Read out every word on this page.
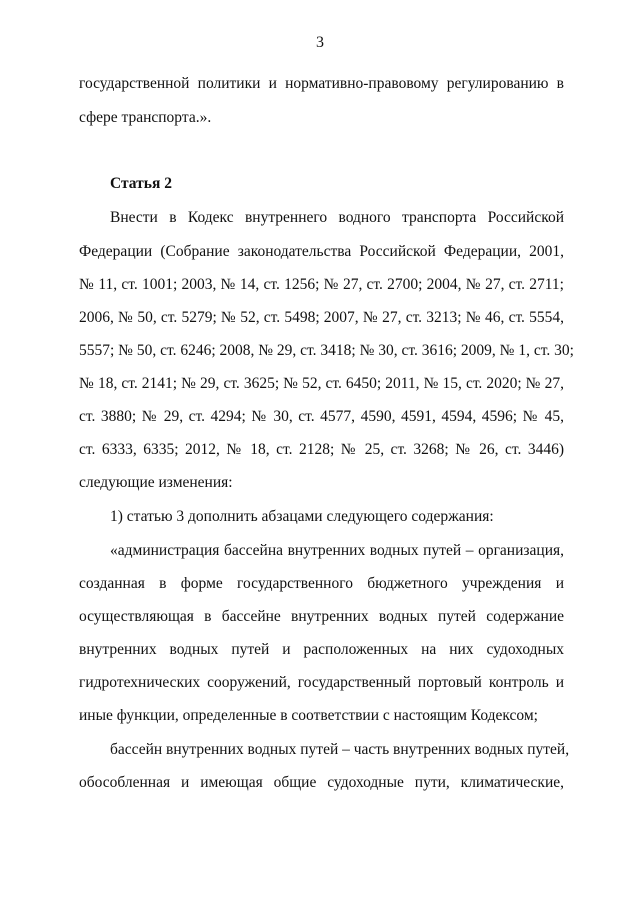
3
государственной политики и нормативно-правовому регулированию в
сфере транспорта.».
Статья 2
Внести в Кодекс внутреннего водного транспорта Российской
Федерации (Собрание законодательства Российской Федерации, 2001,
№ 11, ст. 1001; 2003, № 14, ст. 1256; № 27, ст. 2700; 2004, № 27, ст. 2711;
2006, № 50, ст. 5279; № 52, ст. 5498; 2007, № 27, ст. 3213; № 46, ст. 5554,
5557; № 50, ст. 6246; 2008, № 29, ст. 3418; № 30, ст. 3616; 2009, № 1, ст. 30;
№ 18, ст. 2141; № 29, ст. 3625; № 52, ст. 6450; 2011, № 15, ст. 2020; № 27,
ст. 3880; № 29, ст. 4294; № 30, ст. 4577, 4590, 4591, 4594, 4596; № 45,
ст. 6333, 6335; 2012, № 18, ст. 2128; № 25, ст. 3268; № 26, ст. 3446)
следующие изменения:
1) статью 3 дополнить абзацами следующего содержания:
«администрация бассейна внутренних водных путей – организация,
созданная в форме государственного бюджетного учреждения и
осуществляющая в бассейне внутренних водных путей содержание
внутренних водных путей и расположенных на них судоходных
гидротехнических сооружений, государственный портовый контроль и
иные функции, определенные в соответствии с настоящим Кодексом;
бассейн внутренних водных путей – часть внутренних водных путей,
обособленная и имеющая общие судоходные пути, климатические,
